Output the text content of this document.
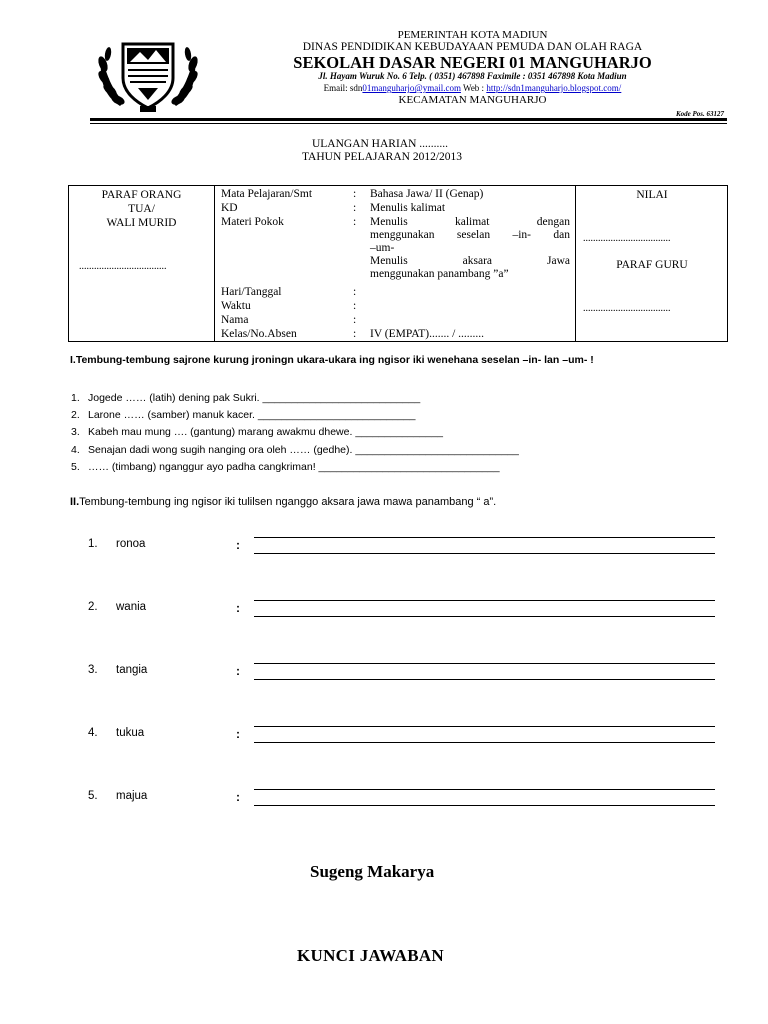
PEMERINTAH KOTA MADIUN
DINAS PENDIDIKAN KEBUDAYAAN PEMUDA DAN OLAH RAGA
SEKOLAH DASAR NEGERI 01 MANGUHARJO
Jl. Hayam Wuruk No. 6 Telp. ( 0351) 467898 Faximile : 0351 467898 Kota Madiun
Email: sdn01manguharjo@ymail.com Web : http://sdn1manguharjo.blogspot.com/
KECAMATAN MANGUHARJO
Kode Pos. 63127
ULANGAN HARIAN ..........
TAHUN PELAJARAN 2012/2013
PARAF ORANG
TUA/
WALI MURID
...................................
NILAI
...................................
PARAF GURU
...................................
Mata Pelajaran/Smt	: Bahasa Jawa/ II (Genap)
KD	: Menulis kalimat
Materi Pokok	: Menulis	kalimat	dengan
menggunakan seselan –in- dan
–um-
Menulis	aksara	Jawa
menggunakan panambang ”a”
Hari/Tanggal	:
Waktu	:
Nama	:
Kelas/No.Absen	: IV (EMPAT)....... / .........
I.Tembung-tembung sajrone kurung jroningn ukara-ukara ing ngisor iki wenehana seselan –in- lan –um- !
1. Jogede …… (latih) dening pak Sukri. ___________________________
2. Larone …… (samber) manuk kacer. ___________________________
3. Kabeh mau mung …. (gantung) marang awakmu dhewe. _______________
4. Senajan dadi wong sugih nanging ora oleh …… (gedhe). ____________________________
5. …… (timbang) nganggur ayo padha cangkriman! _______________________________
II.Tembung-tembung ing ngisor iki tulilsen nganggo aksara jawa mawa panambang “ a”.
1. ronoa	:
2. wania	:
3. tangia	:
4. tukua	:
5. majua	:
Sugeng Makarya
KUNCI JAWABAN
